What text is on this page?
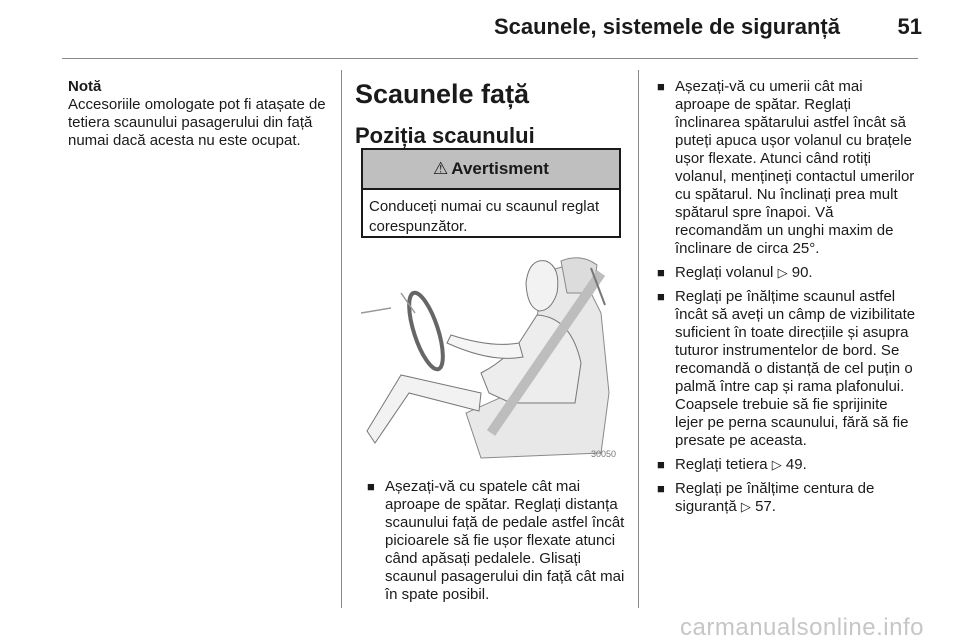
Scaunele, sistemele de siguranță	51
Notă
Accesoriile omologate pot fi atașate de tetiera scaunului pasagerului din față numai dacă acesta nu este ocupat.
Scaunele față
Poziția scaunului
⚠ Avertisment
Conduceți numai cu scaunul reglat corespunzător.
30050
■ Așezați-vă cu spatele cât mai aproape de spătar. Reglați distanța scaunului față de pedale astfel încât picioarele să fie ușor flexate atunci când apăsați pedalele. Glisați scaunul pasagerului din față cât mai în spate posibil.
■ Așezați-vă cu umerii cât mai aproape de spătar. Reglați înclinarea spătarului astfel încât să puteți apuca ușor volanul cu brațele ușor flexate. Atunci când rotiți volanul, mențineți contactul umerilor cu spătarul. Nu înclinați prea mult spătarul spre înapoi. Vă recomandăm un unghi maxim de înclinare de circa 25°.
■ Reglați volanul ▷ 90.
■ Reglați pe înălțime scaunul astfel încât să aveți un câmp de vizibilitate suficient în toate direcțiile și asupra tuturor instrumentelor de bord. Se recomandă o distanță de cel puțin o palmă între cap și rama plafonului. Coapsele trebuie să fie sprijinite lejer pe perna scaunului, fără să fie presate pe aceasta.
■ Reglați tetiera ▷ 49.
■ Reglați pe înălțime centura de siguranță ▷ 57.
carmanualsonline.info
